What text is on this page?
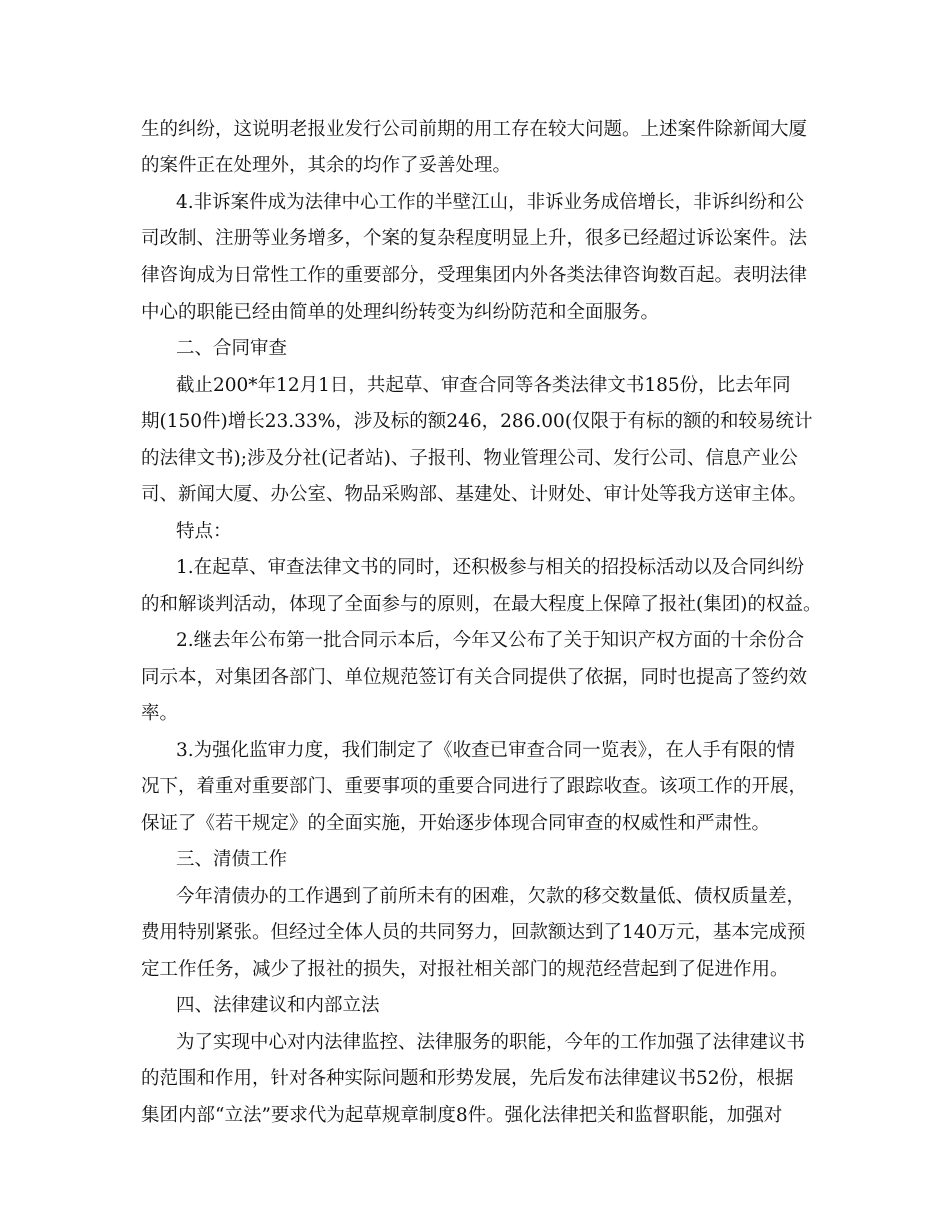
生的纠纷，这说明老报业发行公司前期的用工存在较大问题。上述案件除新闻大厦
的案件正在处理外，其余的均作了妥善处理。
4.非诉案件成为法律中心工作的半壁江山，非诉业务成倍增长，非诉纠纷和公
司改制、注册等业务增多，个案的复杂程度明显上升，很多已经超过诉讼案件。法
律咨询成为日常性工作的重要部分，受理集团内外各类法律咨询数百起。表明法律
中心的职能已经由简单的处理纠纷转变为纠纷防范和全面服务。
二、合同审查
截止200*年12月1日，共起草、审查合同等各类法律文书185份，比去年同
期(150件)增长23.33%，涉及标的额246，286.00(仅限于有标的额的和较易统计
的法律文书);涉及分社(记者站)、子报刊、物业管理公司、发行公司、信息产业公
司、新闻大厦、办公室、物品采购部、基建处、计财处、审计处等我方送审主体。
特点：
1.在起草、审查法律文书的同时，还积极参与相关的招投标活动以及合同纠纷
的和解谈判活动，体现了全面参与的原则，在最大程度上保障了报社(集团)的权益。
2.继去年公布第一批合同示本后，今年又公布了关于知识产权方面的十余份合
同示本，对集团各部门、单位规范签订有关合同提供了依据，同时也提高了签约效
率。
3.为强化监审力度，我们制定了《收查已审查合同一览表》，在人手有限的情
况下，着重对重要部门、重要事项的重要合同进行了跟踪收查。该项工作的开展，
保证了《若干规定》的全面实施，开始逐步体现合同审查的权威性和严肃性。
三、清债工作
今年清债办的工作遇到了前所未有的困难，欠款的移交数量低、债权质量差，
费用特别紧张。但经过全体人员的共同努力，回款额达到了140万元，基本完成预
定工作任务，减少了报社的损失，对报社相关部门的规范经营起到了促进作用。
四、法律建议和内部立法
为了实现中心对内法律监控、法律服务的职能，今年的工作加强了法律建议书
的范围和作用，针对各种实际问题和形势发展，先后发布法律建议书52份，根据
集团内部“立法”要求代为起草规章制度8件。强化法律把关和监督职能，加强对
